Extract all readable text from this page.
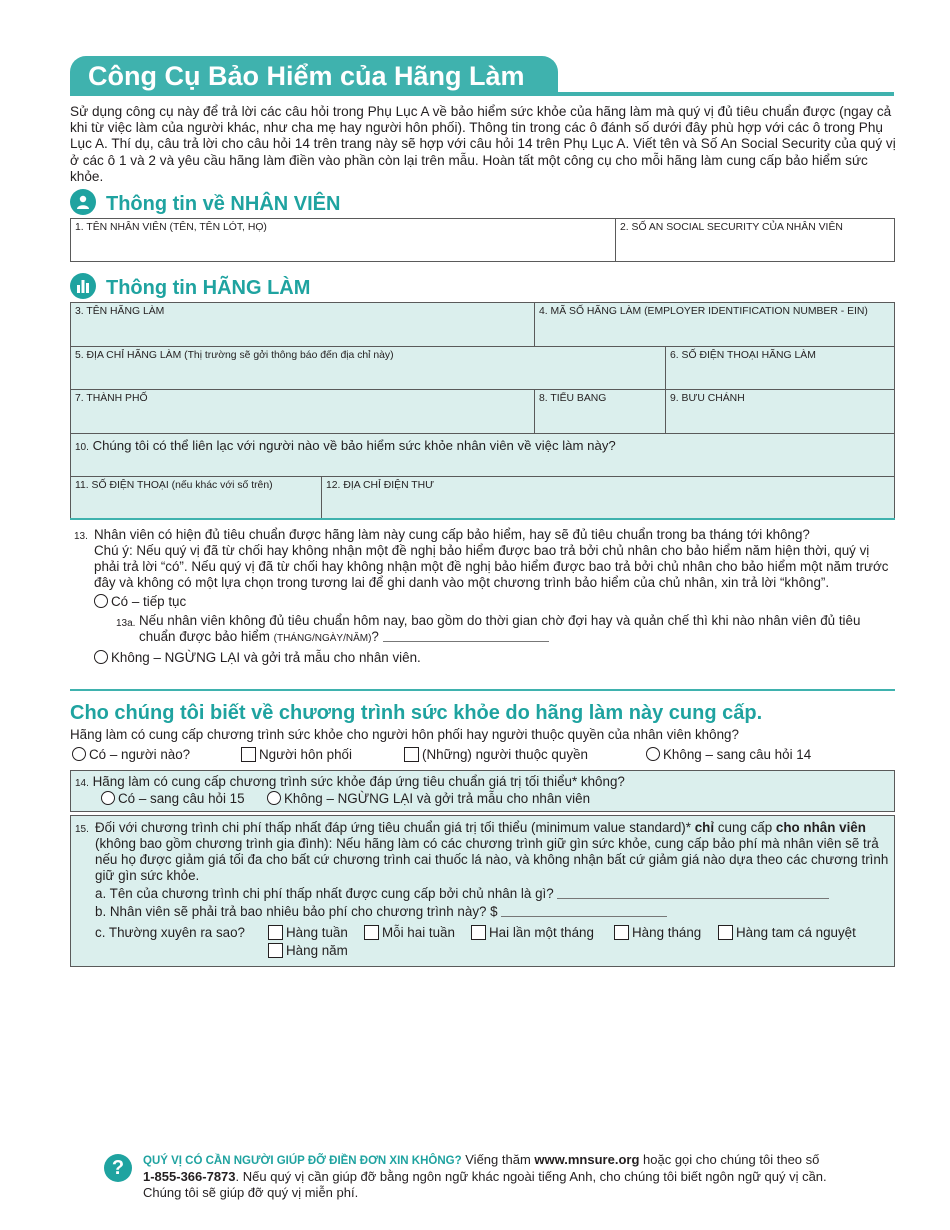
Công Cụ Bảo Hiểm của Hãng Làm
Sử dụng công cụ này để trả lời các câu hỏi trong Phụ Lục A về bảo hiểm sức khỏe của hãng làm mà quý vị đủ tiêu chuẩn được (ngay cả khi từ việc làm của người khác, như cha mẹ hay người hôn phối). Thông tin trong các ô đánh số dưới đây phù hợp với các ô trong Phụ Lục A. Thí dụ, câu trả lời cho câu hỏi 14 trên trang này sẽ hợp với câu hỏi 14 trên Phụ Lục A. Viết tên và Số An Social Security của quý vị ở các ô 1 và 2 và yêu cầu hãng làm điền vào phần còn lại trên mẫu. Hoàn tất một công cụ cho mỗi hãng làm cung cấp bảo hiểm sức khỏe.
Thông tin về NHÂN VIÊN
1. TÊN NHÂN VIÊN (TÊN, TÊN LÓT, HỌ)	2. SỐ AN SOCIAL SECURITY CỦA NHÂN VIÊN
Thông tin HÃNG LÀM
3. TÊN HÃNG LÀM	4. MÃ SỐ HÃNG LÀM (EMPLOYER IDENTIFICATION NUMBER - EIN)
5. ĐỊA CHỈ HÃNG LÀM (Thị trường sẽ gởi thông báo đến địa chỉ này)	6. SỐ ĐIỆN THOẠI HÃNG LÀM
7. THÀNH PHỐ	8. TIỂU BANG	9. BƯU CHÁNH
10. Chúng tôi có thể liên lạc với người nào về bảo hiểm sức khỏe nhân viên về việc làm này?
11. SỐ ĐIỆN THOẠI (nếu khác với số trên)	12. ĐỊA CHỈ ĐIỆN THƯ
13. Nhân viên có hiện đủ tiêu chuẩn được hãng làm này cung cấp bảo hiểm, hay sẽ đủ tiêu chuẩn trong ba tháng tới không?
Chú ý: Nếu quý vị đã từ chối hay không nhận một đề nghị bảo hiểm được bao trả bởi chủ nhân cho bảo hiểm năm hiện thời, quý vị phải trả lời “có”. Nếu quý vị đã từ chối hay không nhận một đề nghị bảo hiểm được bao trả bởi chủ nhân cho bảo hiểm một năm trước đây và không có một lựa chọn trong tương lai để ghi danh vào một chương trình bảo hiểm của chủ nhân, xin trả lời “không”.
Có – tiếp tục
13a. Nếu nhân viên không đủ tiêu chuẩn hôm nay, bao gồm do thời gian chờ đợi hay và quản chế thì khi nào nhân viên đủ tiêu chuẩn được bảo hiểm (THÁNG/NGÀY/NĂM)?
Không – NGỪNG LẠI và gởi trả mẫu cho nhân viên.
Cho chúng tôi biết về chương trình sức khỏe do hãng làm này cung cấp.
Hãng làm có cung cấp chương trình sức khỏe cho người hôn phối hay người thuộc quyền của nhân viên không?
Có – người nào?	Người hôn phối	(Những) người thuộc quyền	Không – sang câu hỏi 14
14. Hãng làm có cung cấp chương trình sức khỏe đáp ứng tiêu chuẩn giá trị tối thiểu* không?
Có – sang câu hỏi 15	Không – NGỪNG LẠI và gởi trả mẫu cho nhân viên
15. Đối với chương trình chi phí thấp nhất đáp ứng tiêu chuẩn giá trị tối thiểu (minimum value standard)* chỉ cung cấp cho nhân viên (không bao gồm chương trình gia đình): Nếu hãng làm có các chương trình giữ gìn sức khỏe, cung cấp bảo phí mà nhân viên sẽ trả nếu họ được giảm giá tối đa cho bất cứ chương trình cai thuốc lá nào, và không nhận bất cứ giảm giá nào dựa theo các chương trình giữ gìn sức khỏe.
a. Tên của chương trình chi phí thấp nhất được cung cấp bởi chủ nhân là gì?
b. Nhân viên sẽ phải trả bao nhiêu bảo phí cho chương trình này? $
c. Thường xuyên ra sao?	Hàng tuần	Mỗi hai tuần	Hai lần một tháng	Hàng tháng	Hàng tam cá nguyệt
Hàng năm
?	QUÝ VỊ CÓ CẦN NGƯỜI GIÚP ĐỠ ĐIỀN ĐƠN XIN KHÔNG? Viếng thăm www.mnsure.org hoặc gọi cho chúng tôi theo số 1-855-366-7873. Nếu quý vị cần giúp đỡ bằng ngôn ngữ khác ngoài tiếng Anh, cho chúng tôi biết ngôn ngữ quý vị cần. Chúng tôi sẽ giúp đỡ quý vị miễn phí.
